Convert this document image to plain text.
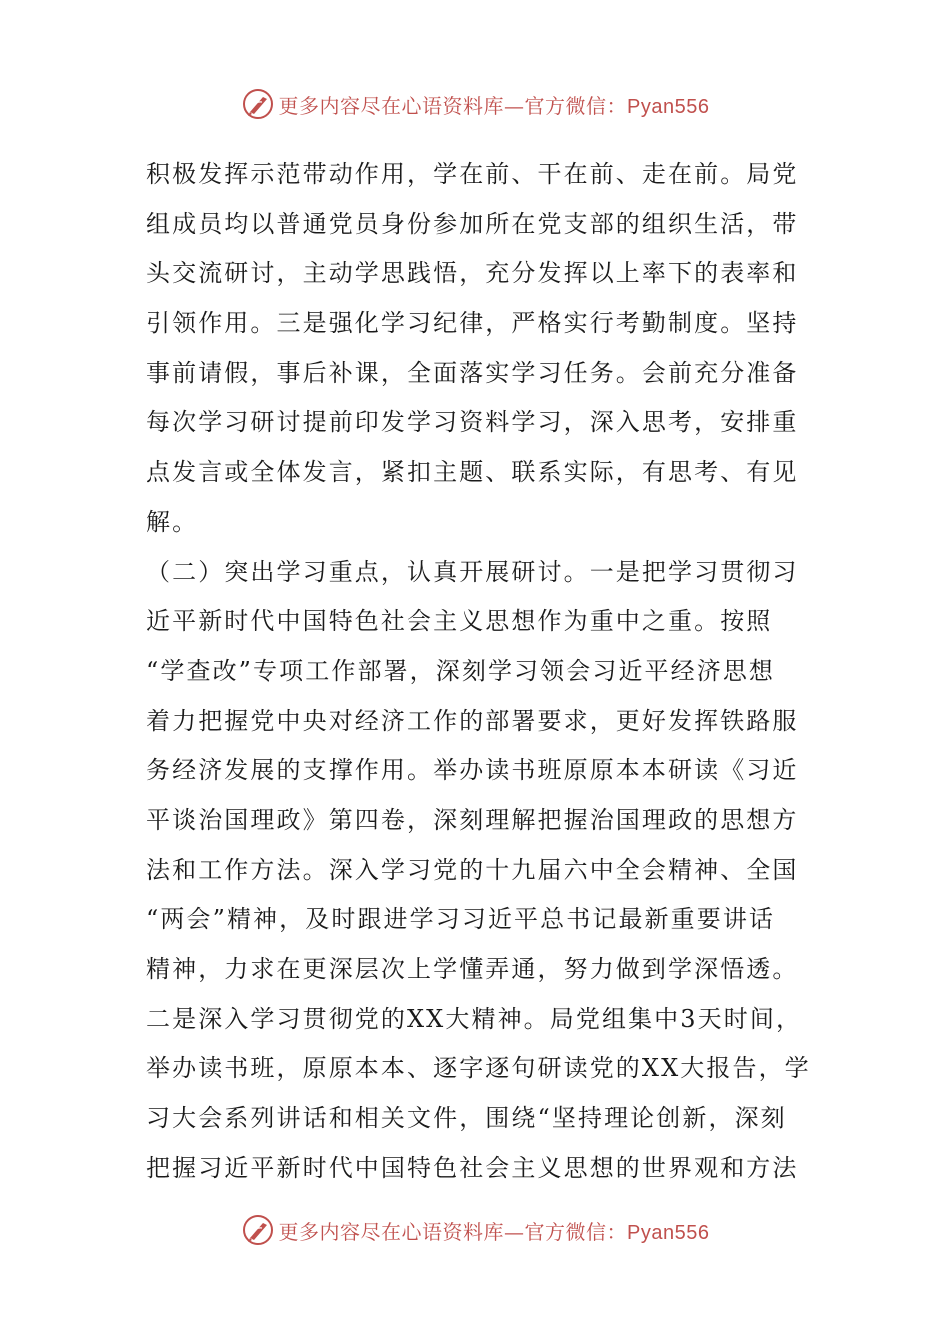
更多内容尽在心语资料库—官方微信：Pyan556
积极发挥示范带动作用，学在前、干在前、走在前。局党
组成员均以普通党员身份参加所在党支部的组织生活，带
头交流研讨，主动学思践悟，充分发挥以上率下的表率和
引领作用。三是强化学习纪律，严格实行考勤制度。坚持
事前请假，事后补课，全面落实学习任务。会前充分准备
每次学习研讨提前印发学习资料学习，深入思考，安排重
点发言或全体发言，紧扣主题、联系实际，有思考、有见
解。
（二）突出学习重点，认真开展研讨。一是把学习贯彻习
近平新时代中国特色社会主义思想作为重中之重。按照
“学查改”专项工作部署，深刻学习领会习近平经济思想
着力把握党中央对经济工作的部署要求，更好发挥铁路服
务经济发展的支撑作用。举办读书班原原本本研读《习近
平谈治国理政》第四卷，深刻理解把握治国理政的思想方
法和工作方法。深入学习党的十九届六中全会精神、全国
“两会”精神，及时跟进学习习近平总书记最新重要讲话
精神，力求在更深层次上学懂弄通，努力做到学深悟透。
二是深入学习贯彻党的XX大精神。局党组集中3天时间，
举办读书班，原原本本、逐字逐句研读党的XX大报告，学
习大会系列讲话和相关文件，围绕“坚持理论创新，深刻
把握习近平新时代中国特色社会主义思想的世界观和方法
更多内容尽在心语资料库—官方微信：Pyan556
